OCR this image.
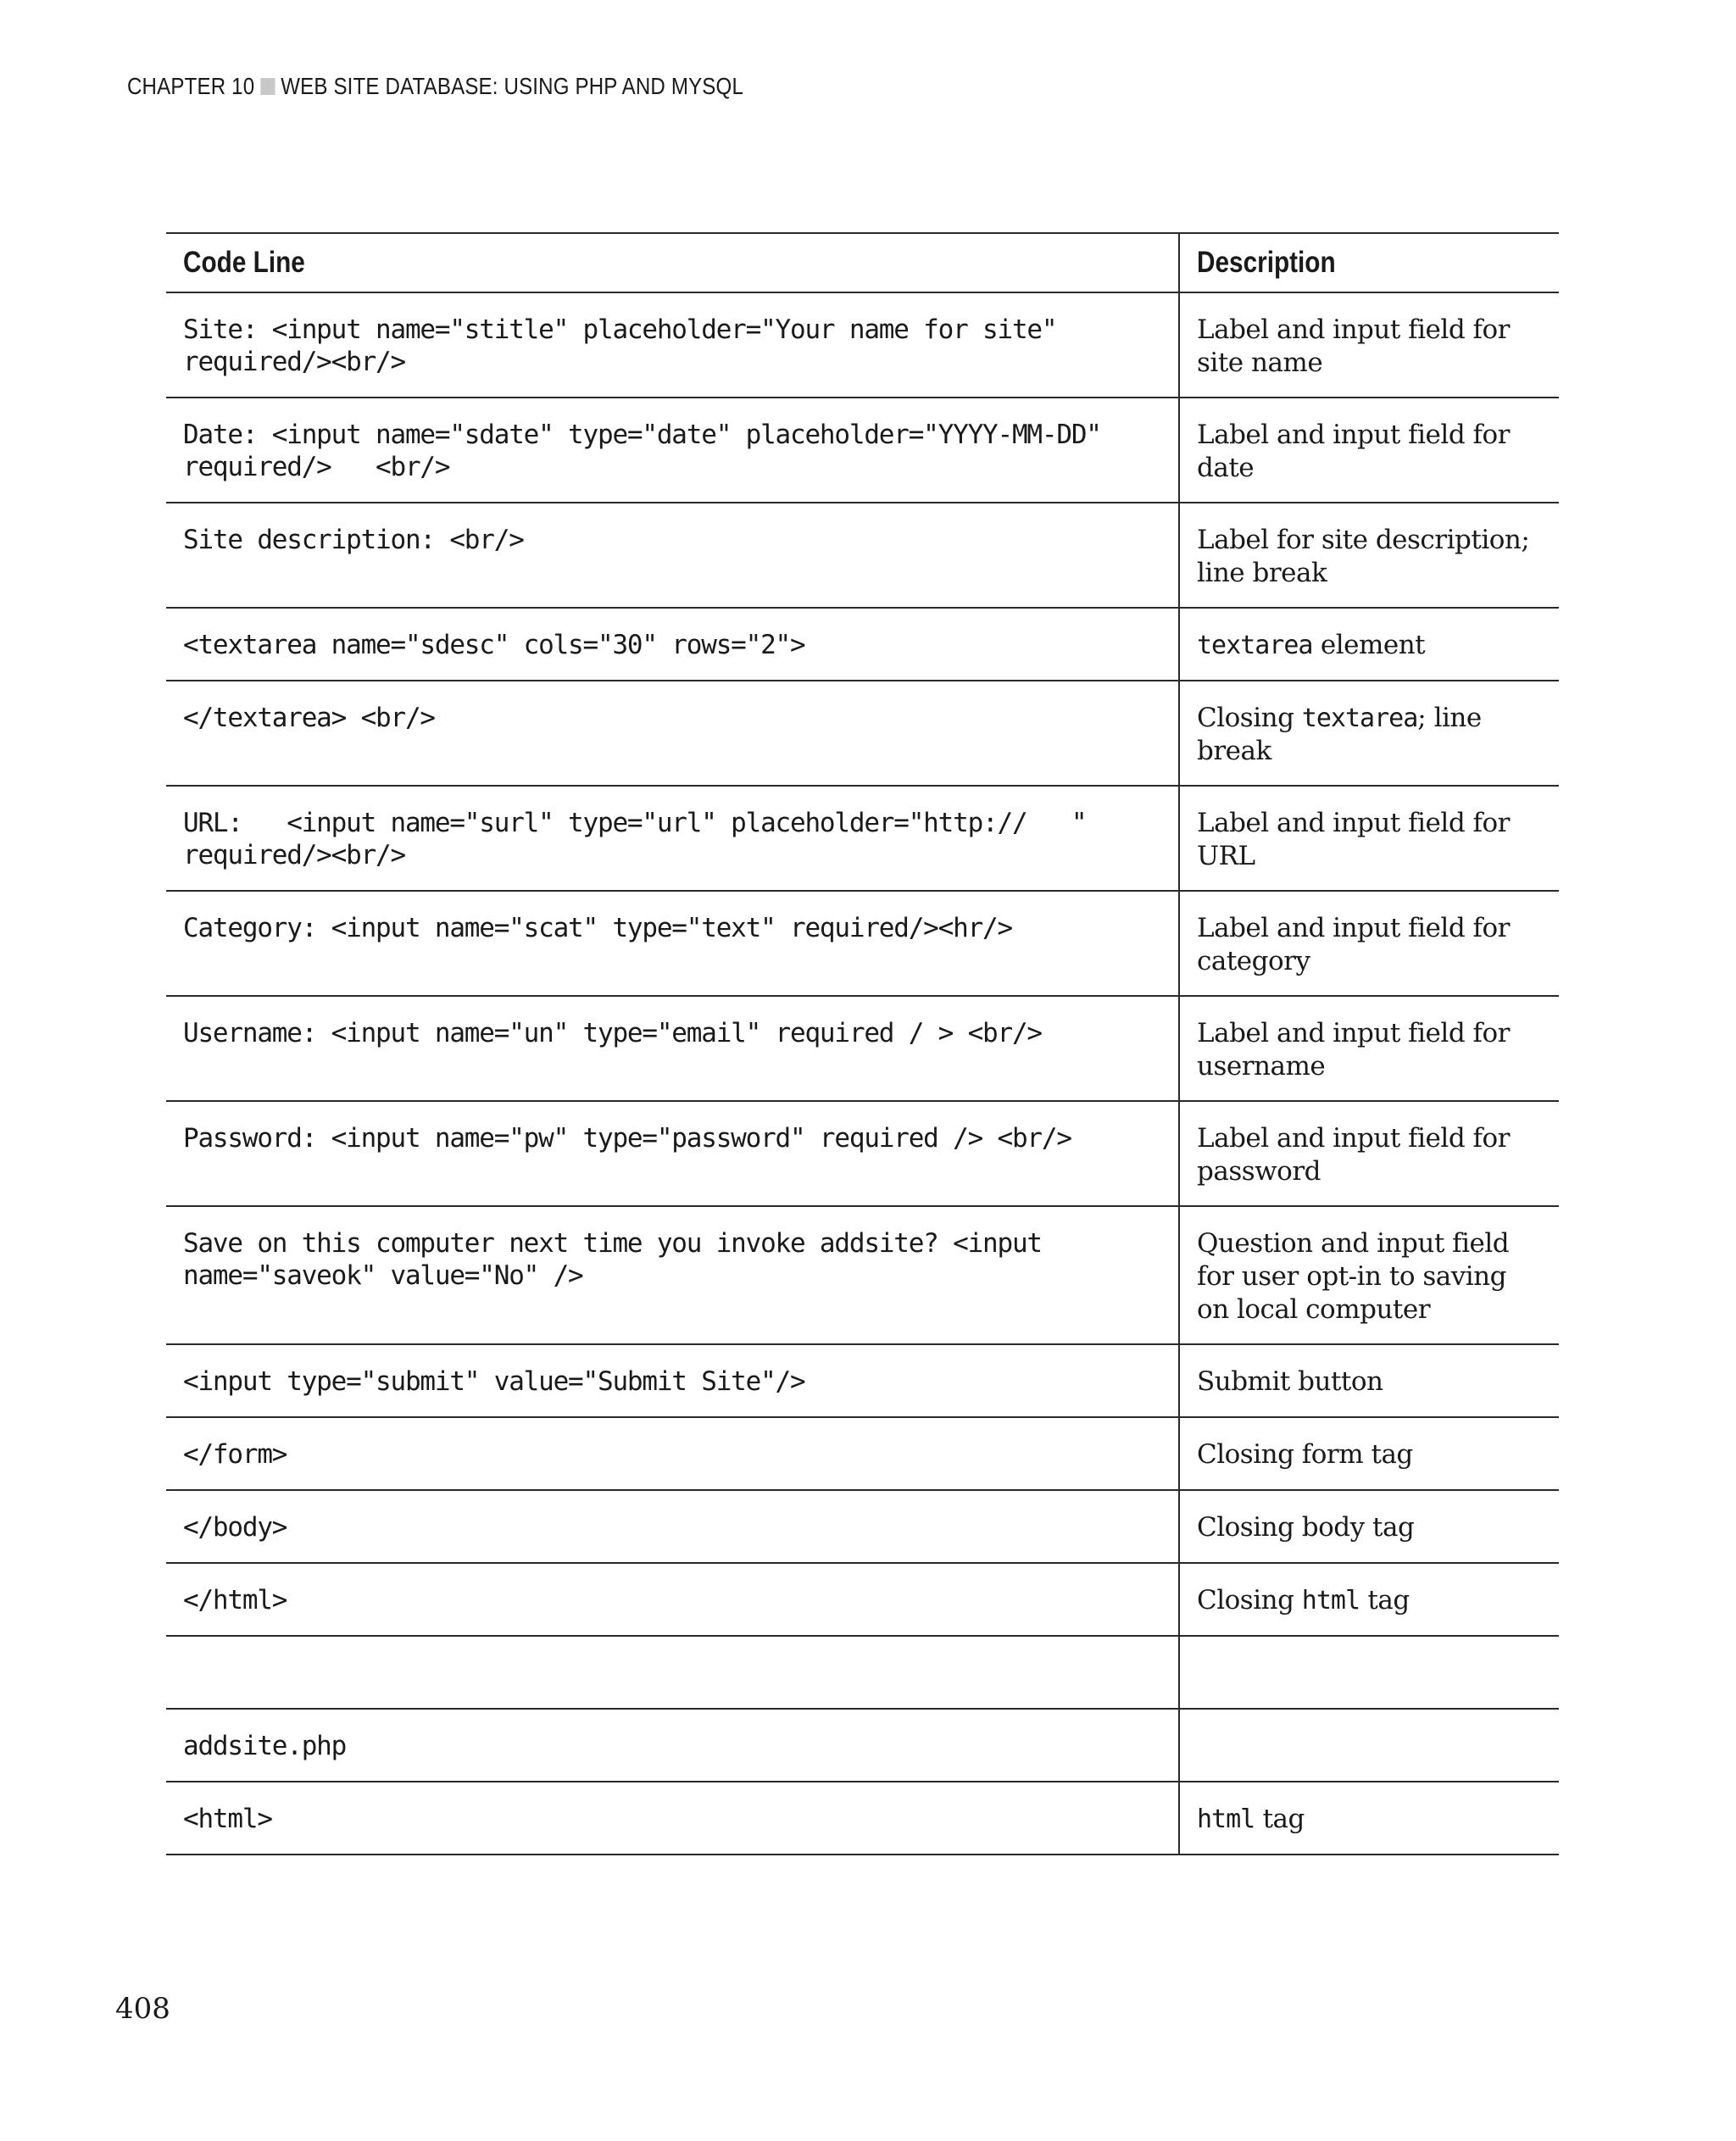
CHAPTER 10 WEB SITE DATABASE: USING PHP AND MYSQL
Code Line	Description

Site: <input name="stitle" placeholder="Your name for site"
required/><br/>	Label and input field for site name

Date: <input name="sdate" type="date" placeholder="YYYY-MM-DD"
required/>   <br/>	Label and input field for date

Site description: <br/>	Label for site description; line break

<textarea name="sdesc" cols="30" rows="2">	textarea element

</textarea> <br/>	Closing textarea; line break

URL:   <input name="surl" type="url" placeholder="http://   "
required/><br/>	Label and input field for URL

Category: <input name="scat" type="text" required/><hr/>	Label and input field for category

Username: <input name="un" type="email" required / > <br/>	Label and input field for username

Password: <input name="pw" type="password" required /> <br/>	Label and input field for password

Save on this computer next time you invoke addsite? <input
name="saveok" value="No" />	Question and input field for user opt-in to saving on local computer

<input type="submit" value="Submit Site"/>	Submit button

</form>	Closing form tag

</body>	Closing body tag

</html>	Closing html tag

addsite.php	

<html>	html tag
408
